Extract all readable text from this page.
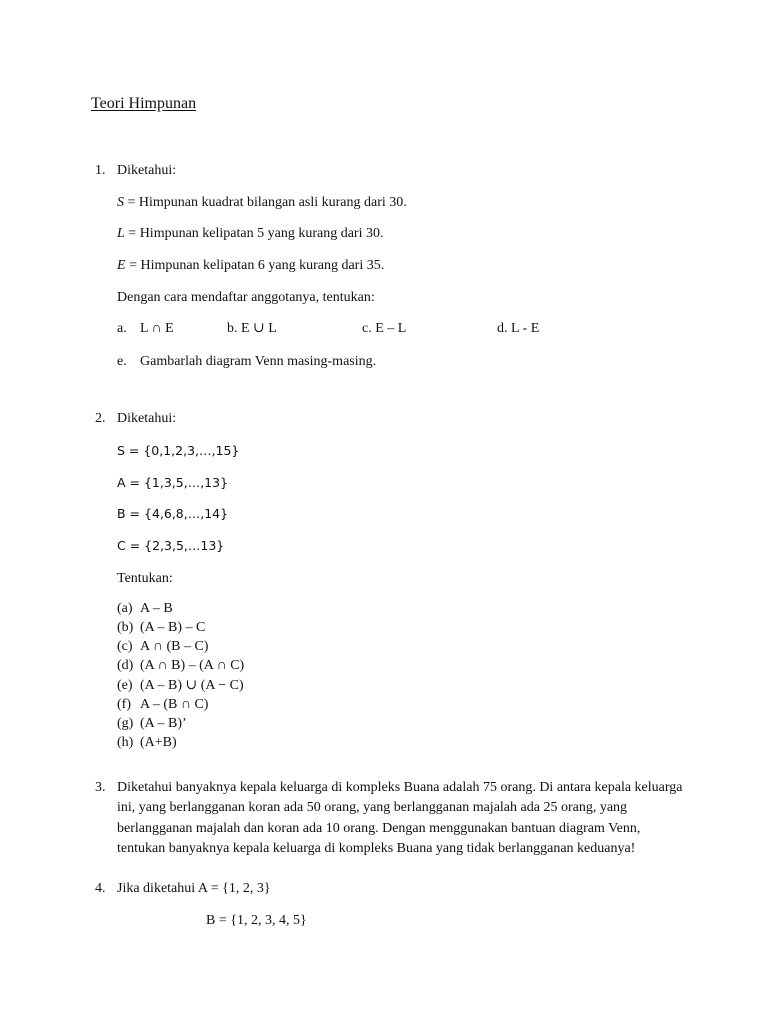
Teori Himpunan
1. Diketahui:
S = Himpunan kuadrat bilangan asli kurang dari 30.
L = Himpunan kelipatan 5 yang kurang dari 30.
E = Himpunan kelipatan 6 yang kurang dari 35.
Dengan cara mendaftar anggotanya, tentukan:
a. L ∩ E	b. E ∪ L	c. E – L	d. L - E
e. Gambarlah diagram Venn masing-masing.
2. Diketahui:
S = {0,1,2,3,…,15}
A = {1,3,5,…,13}
B = {4,6,8,…,14}
C = {2,3,5,…13}
Tentukan:
(a) A – B
(b) (A – B) – C
(c) A ∩ (B – C)
(d) (A ∩ B) – (A ∩ C)
(e) (A – B) ∪ (A − C)
(f) A – (B ∩ C)
(g) (A – B)’
(h) (A+B)
3. Diketahui banyaknya kepala keluarga di kompleks Buana adalah 75 orang. Di antara kepala keluarga
ini, yang berlangganan koran ada 50 orang, yang berlangganan majalah ada 25 orang, yang
berlangganan majalah dan koran ada 10 orang. Dengan menggunakan bantuan diagram Venn,
tentukan banyaknya kepala keluarga di kompleks Buana yang tidak berlangganan keduanya!
4. Jika diketahui A = {1, 2, 3}
B = {1, 2, 3, 4, 5}
